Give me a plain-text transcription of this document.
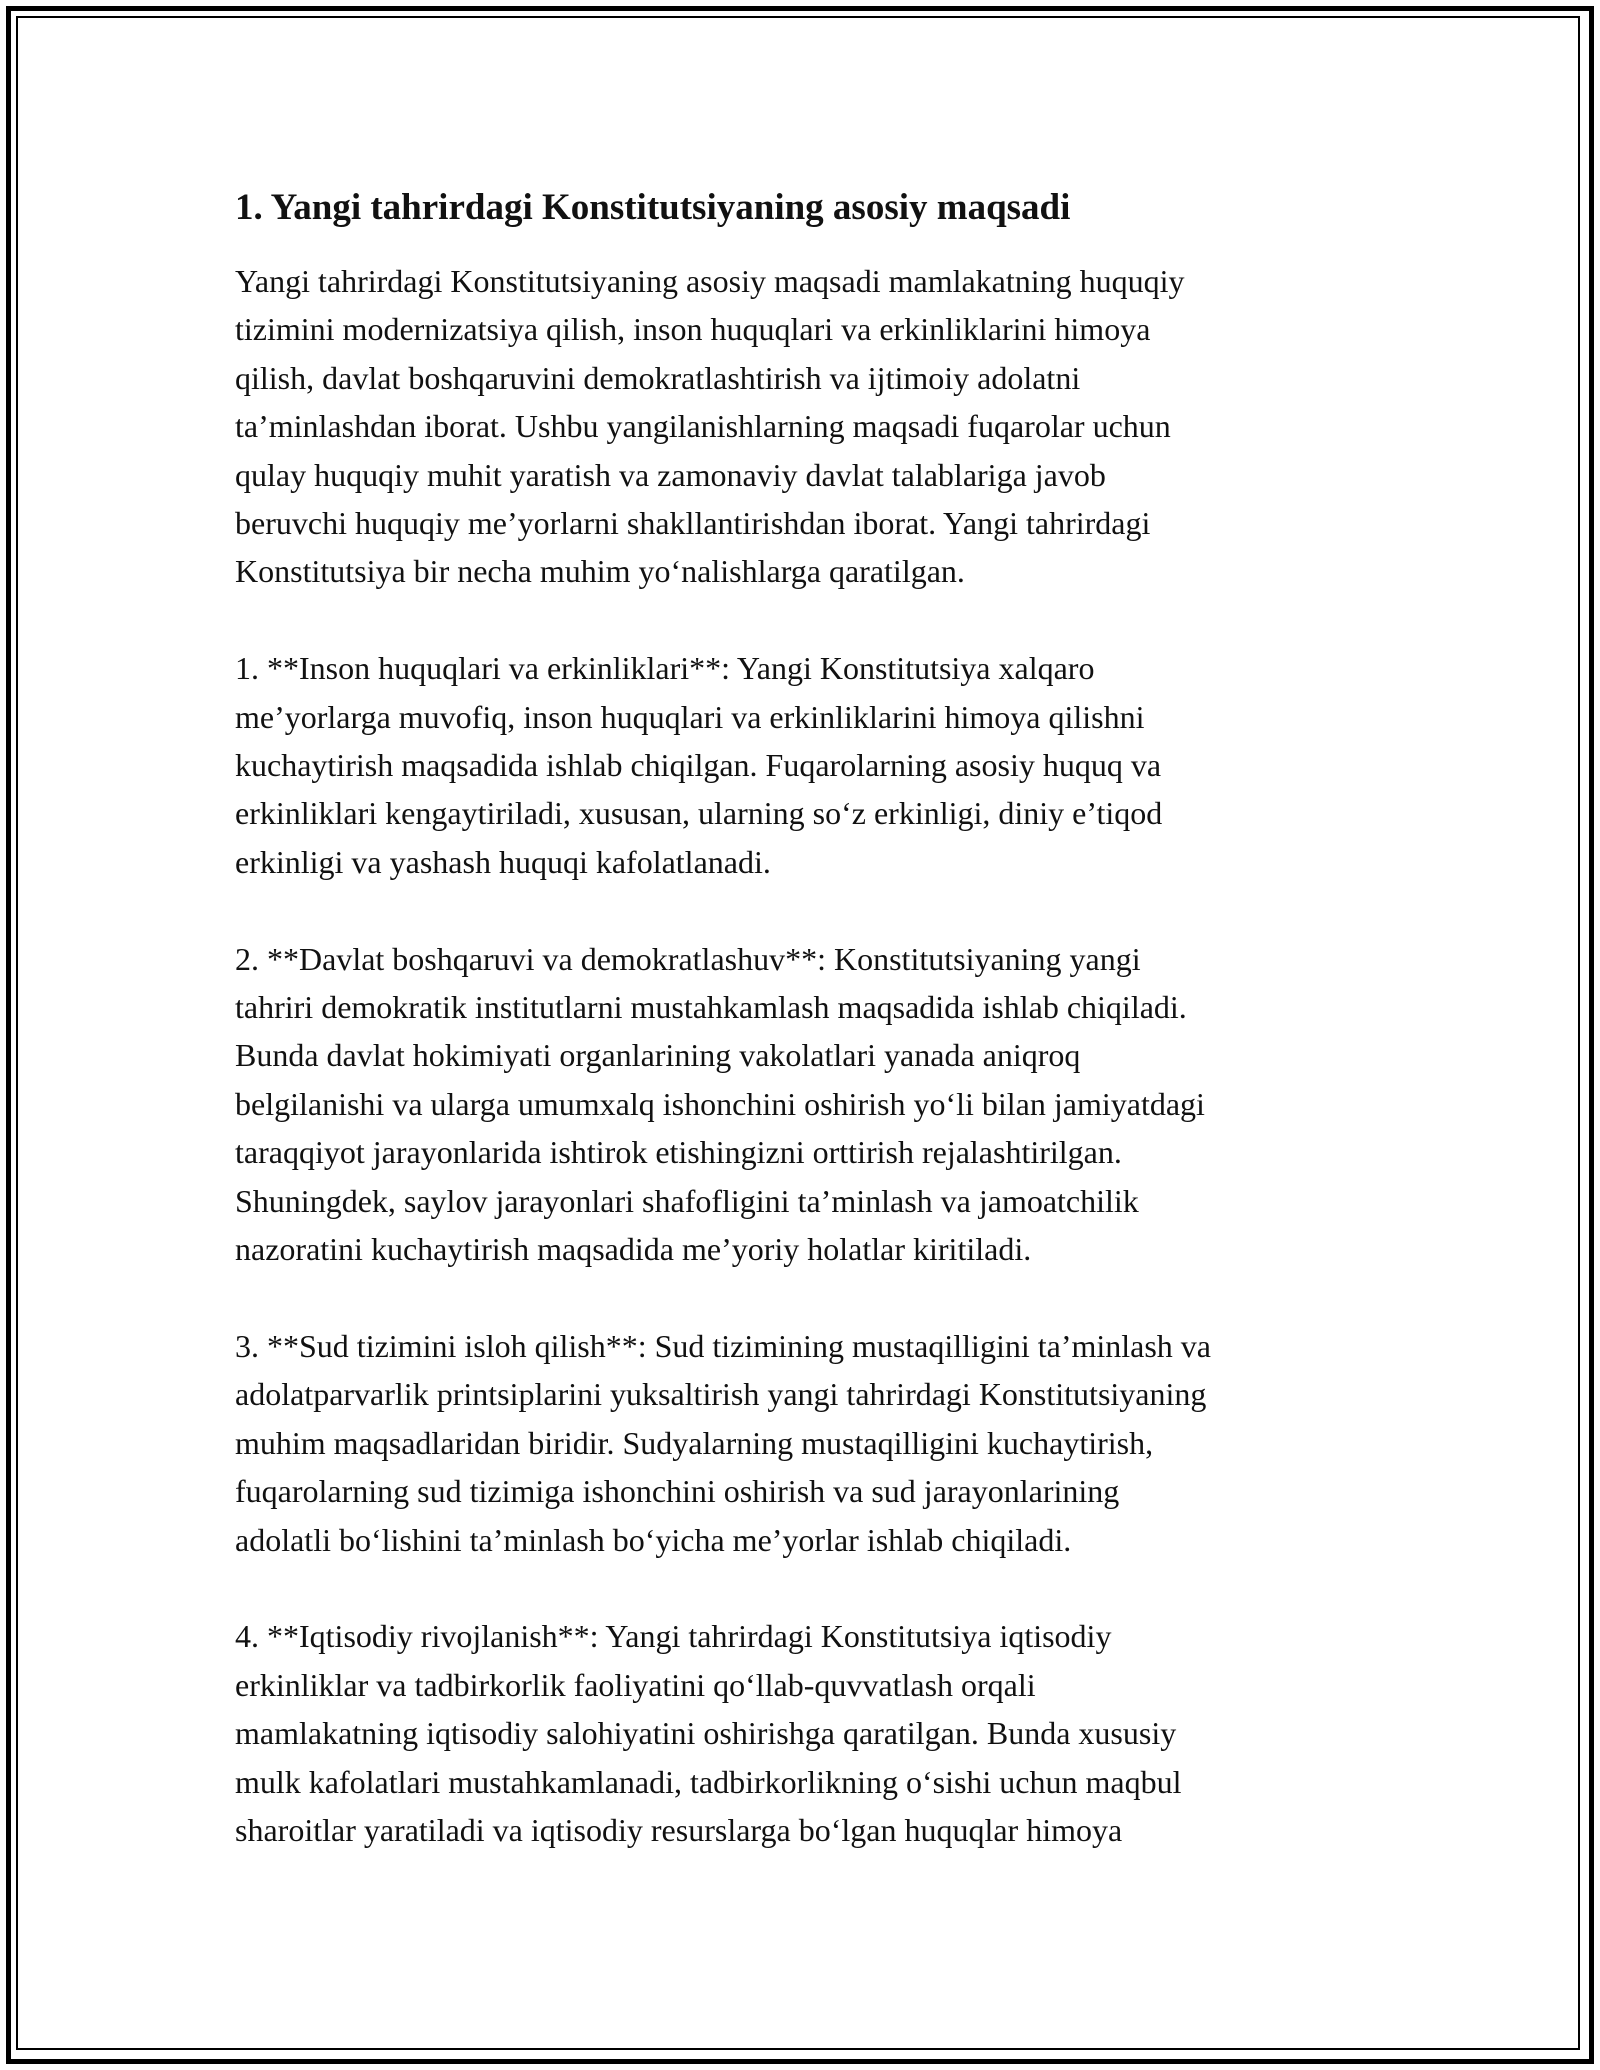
1. Yangi tahrirdagi Konstitutsiyaning asosiy maqsadi
Yangi tahrirdagi Konstitutsiyaning asosiy maqsadi mamlakatning huquqiy
tizimini modernizatsiya qilish, inson huquqlari va erkinliklarini himoya
qilish, davlat boshqaruvini demokratlashtirish va ijtimoiy adolatni
ta’minlashdan iborat. Ushbu yangilanishlarning maqsadi fuqarolar uchun
qulay huquqiy muhit yaratish va zamonaviy davlat talablariga javob
beruvchi huquqiy me’yorlarni shakllantirishdan iborat. Yangi tahrirdagi
Konstitutsiya bir necha muhim yo‘nalishlarga qaratilgan.
1. **Inson huquqlari va erkinliklari**: Yangi Konstitutsiya xalqaro
me’yorlarga muvofiq, inson huquqlari va erkinliklarini himoya qilishni
kuchaytirish maqsadida ishlab chiqilgan. Fuqarolarning asosiy huquq va
erkinliklari kengaytiriladi, xususan, ularning so‘z erkinligi, diniy e’tiqod
erkinligi va yashash huquqi kafolatlanadi.
2. **Davlat boshqaruvi va demokratlashuv**: Konstitutsiyaning yangi
tahriri demokratik institutlarni mustahkamlash maqsadida ishlab chiqiladi.
Bunda davlat hokimiyati organlarining vakolatlari yanada aniqroq
belgilanishi va ularga umumxalq ishonchini oshirish yo‘li bilan jamiyatdagi
taraqqiyot jarayonlarida ishtirok etishingizni orttirish rejalashtirilgan.
Shuningdek, saylov jarayonlari shafofligini ta’minlash va jamoatchilik
nazoratini kuchaytirish maqsadida me’yoriy holatlar kiritiladi.
3. **Sud tizimini isloh qilish**: Sud tizimining mustaqilligini ta’minlash va
adolatparvarlik printsiplarini yuksaltirish yangi tahrirdagi Konstitutsiyaning
muhim maqsadlaridan biridir. Sudyalarning mustaqilligini kuchaytirish,
fuqarolarning sud tizimiga ishonchini oshirish va sud jarayonlarining
adolatli bo‘lishini ta’minlash bo‘yicha me’yorlar ishlab chiqiladi.
4. **Iqtisodiy rivojlanish**: Yangi tahrirdagi Konstitutsiya iqtisodiy
erkinliklar va tadbirkorlik faoliyatini qo‘llab-quvvatlash orqali
mamlakatning iqtisodiy salohiyatini oshirishga qaratilgan. Bunda xususiy
mulk kafolatlari mustahkamlanadi, tadbirkorlikning o‘sishi uchun maqbul
sharoitlar yaratiladi va iqtisodiy resurslarga bo‘lgan huquqlar himoya
